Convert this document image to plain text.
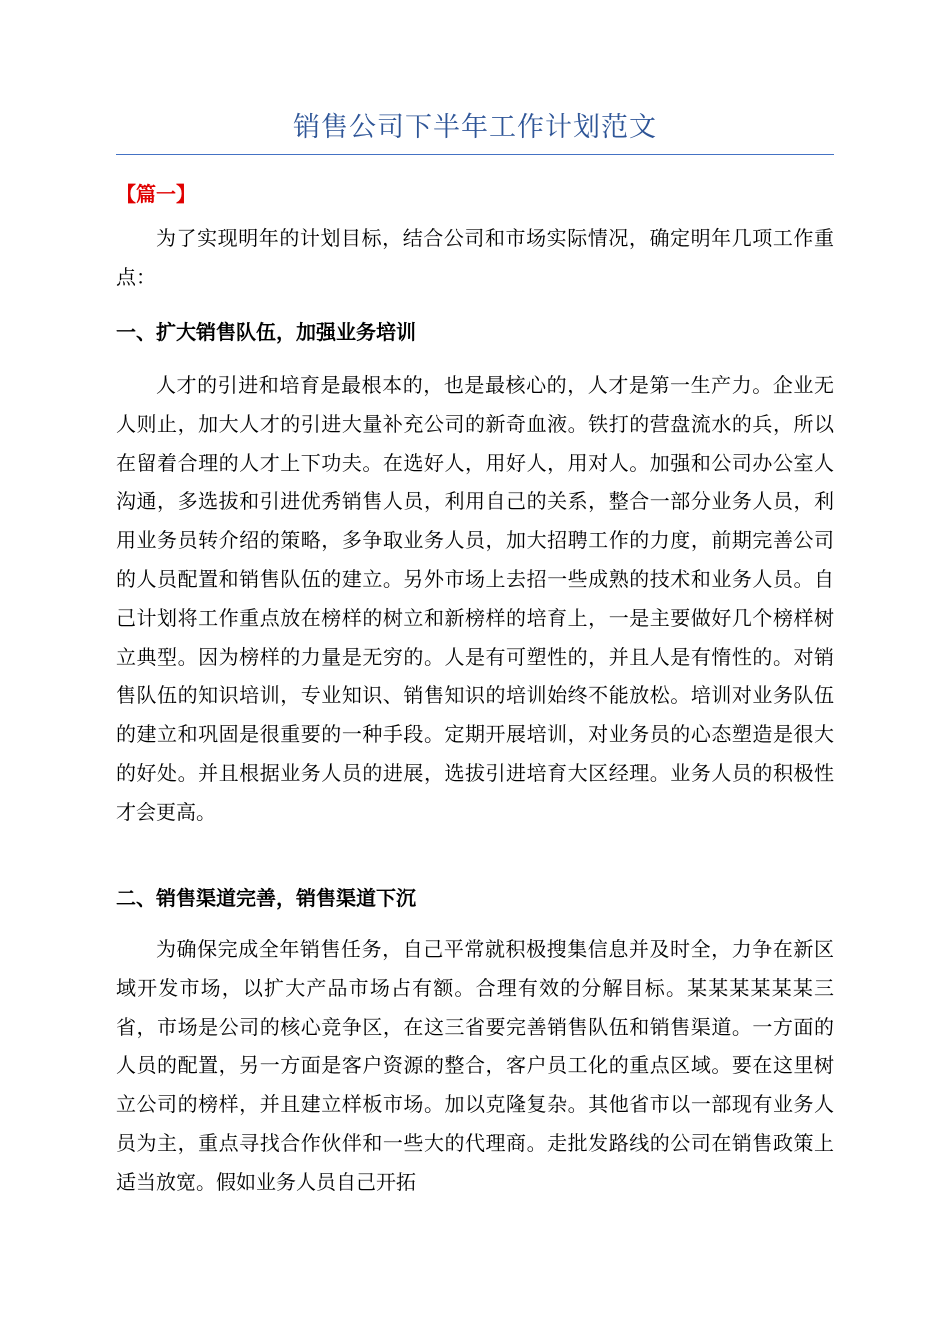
销售公司下半年工作计划范文
【篇一】

为了实现明年的计划目标，结合公司和市场实际情况，确定明年几项工作重点：

一、扩大销售队伍，加强业务培训

人才的引进和培育是最根本的，也是最核心的，人才是第一生产力。企业无人则止，加大人才的引进大量补充公司的新奇血液。铁打的营盘流水的兵，所以在留着合理的人才上下功夫。在选好人，用好人，用对人。加强和公司办公室人沟通，多选拔和引进优秀销售人员，利用自己的关系，整合一部分业务人员，利用业务员转介绍的策略，多争取业务人员，加大招聘工作的力度，前期完善公司的人员配置和销售队伍的建立。另外市场上去招一些成熟的技术和业务人员。自己计划将工作重点放在榜样的树立和新榜样的培育上，一是主要做好几个榜样树立典型。因为榜样的力量是无穷的。人是有可塑性的，并且人是有惰性的。对销售队伍的知识培训，专业知识、销售知识的培训始终不能放松。培训对业务队伍的建立和巩固是很重要的一种手段。定期开展培训，对业务员的心态塑造是很大的好处。并且根据业务人员的进展，选拔引进培育大区经理。业务人员的积极性才会更高。

二、销售渠道完善，销售渠道下沉

为确保完成全年销售任务，自己平常就积极搜集信息并及时全，力争在新区域开发市场，以扩大产品市场占有额。合理有效的分解目标。某某某某某某三省，市场是公司的核心竞争区，在这三省要完善销售队伍和销售渠道。一方面的人员的配置，另一方面是客户资源的整合，客户员工化的重点区域。要在这里树立公司的榜样，并且建立样板市场。加以克隆复杂。其他省市以一部现有业务人员为主，重点寻找合作伙伴和一些大的代理商。走批发路线的公司在销售政策上适当放宽。假如业务人员自己开拓
